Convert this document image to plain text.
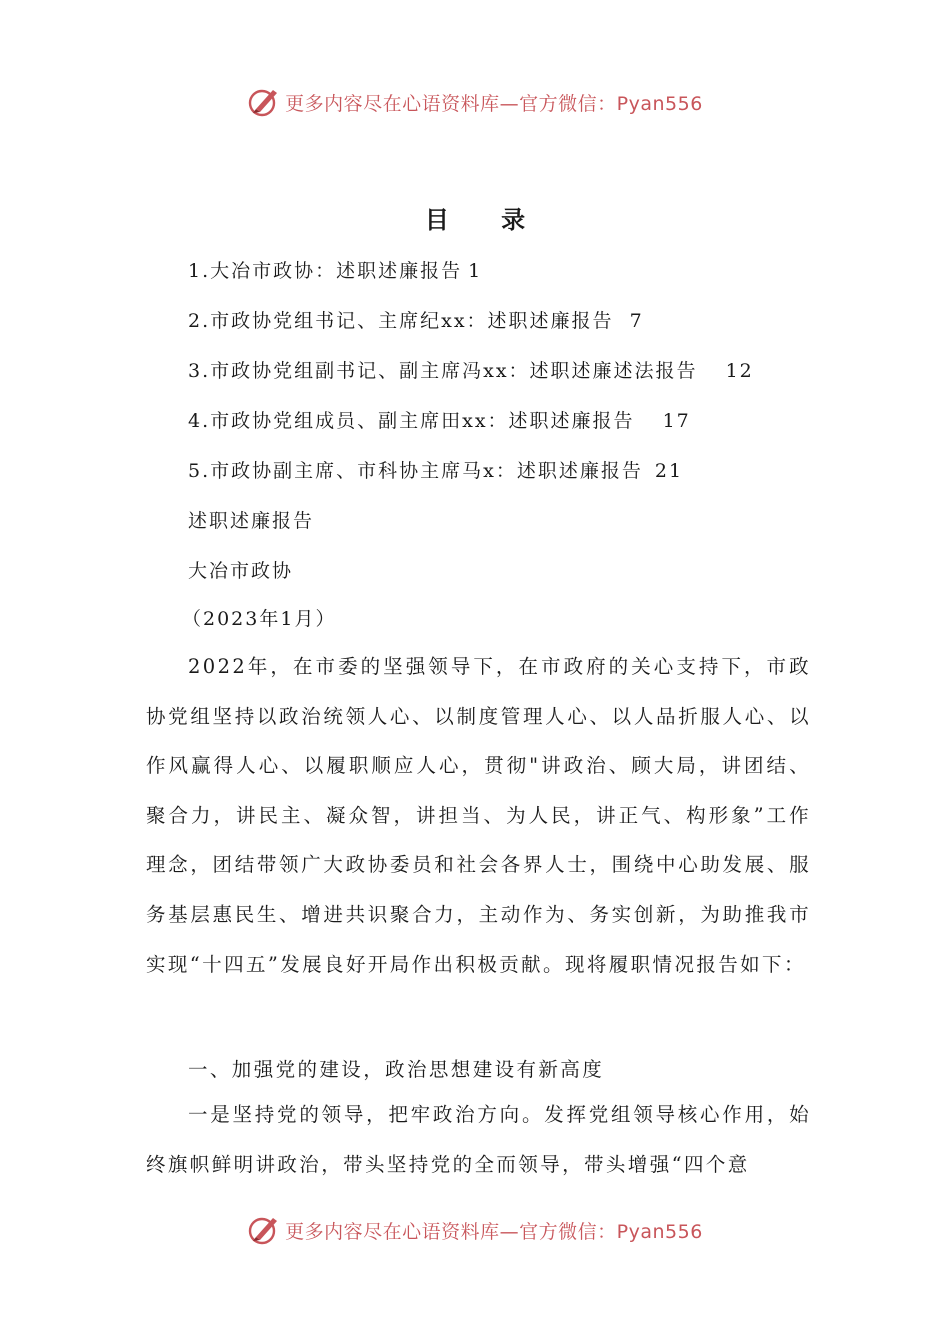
更多内容尽在心语资料库—官方微信：Pyan556
目 录
1.大冶市政协：述职述廉报告 1
2.市政协党组书记、主席纪xx：述职述廉报告 7
3.市政协党组副书记、副主席冯xx：述职述廉述法报告 12
4.市政协党组成员、副主席田xx：述职述廉报告 17
5.市政协副主席、市科协主席马x：述职述廉报告 21
述职述廉报告
大冶市政协
（2023年1月）
2022年，在市委的坚强领导下，在市政府的关心支持下，市政协党组坚持以政治统领人心、以制度管理人心、以人品折服人心、以作风赢得人心、以履职顺应人心，贯彻"讲政治、顾大局，讲团结、聚合力，讲民主、凝众智，讲担当、为人民，讲正气、构形象”工作理念，团结带领广大政协委员和社会各界人士，围绕中心助发展、服务基层惠民生、增进共识聚合力，主动作为、务实创新，为助推我市实现“十四五”发展良好开局作出积极贡献。现将履职情况报告如下：
一、加强党的建设，政治思想建设有新高度
一是坚持党的领导，把牢政治方向。发挥党组领导核心作用，始终旗帜鲜明讲政治，带头坚持党的全而领导，带头增强“四个意
更多内容尽在心语资料库—官方微信：Pyan556
